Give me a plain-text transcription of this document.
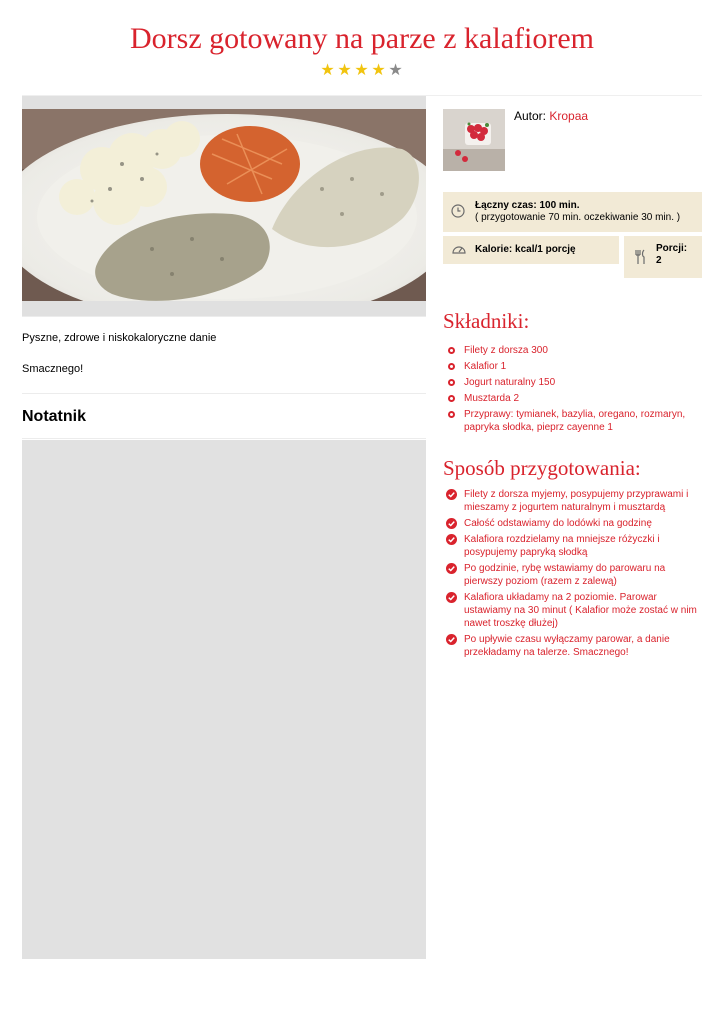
Dorsz gotowany na parze z kalafiorem
★ ★ ★ ★ ★

Pyszne, zdrowe i niskokaloryczne danie

Smacznego!

Notatnik
Autor: Kropaa
Łączny czas: 100 min.
( przygotowanie 70 min. oczekiwanie 30 min. )
Kalorie: kcal/1 porcję	Porcji:
2
Składniki:
Filety z dorsza 300
Kalafior 1
Jogurt naturalny 150
Musztarda 2
Przyprawy: tymianek, bazylia, oregano, rozmaryn, papryka słodka, pieprz cayenne 1
Sposób przygotowania:
Filety z dorsza myjemy, posypujemy przyprawami i mieszamy z jogurtem naturalnym i musztardą
Całość odstawiamy do lodówki na godzinę
Kalafiora rozdzielamy na mniejsze różyczki i posypujemy papryką słodką
Po godzinie, rybę wstawiamy do parowaru na pierwszy poziom (razem z zalewą)
Kalafiora układamy na 2 poziomie. Parowar ustawiamy na 30 minut ( Kalafior może zostać w nim nawet troszkę dłużej)
Po upływie czasu wyłączamy parowar, a danie przekładamy na talerze. Smacznego!
